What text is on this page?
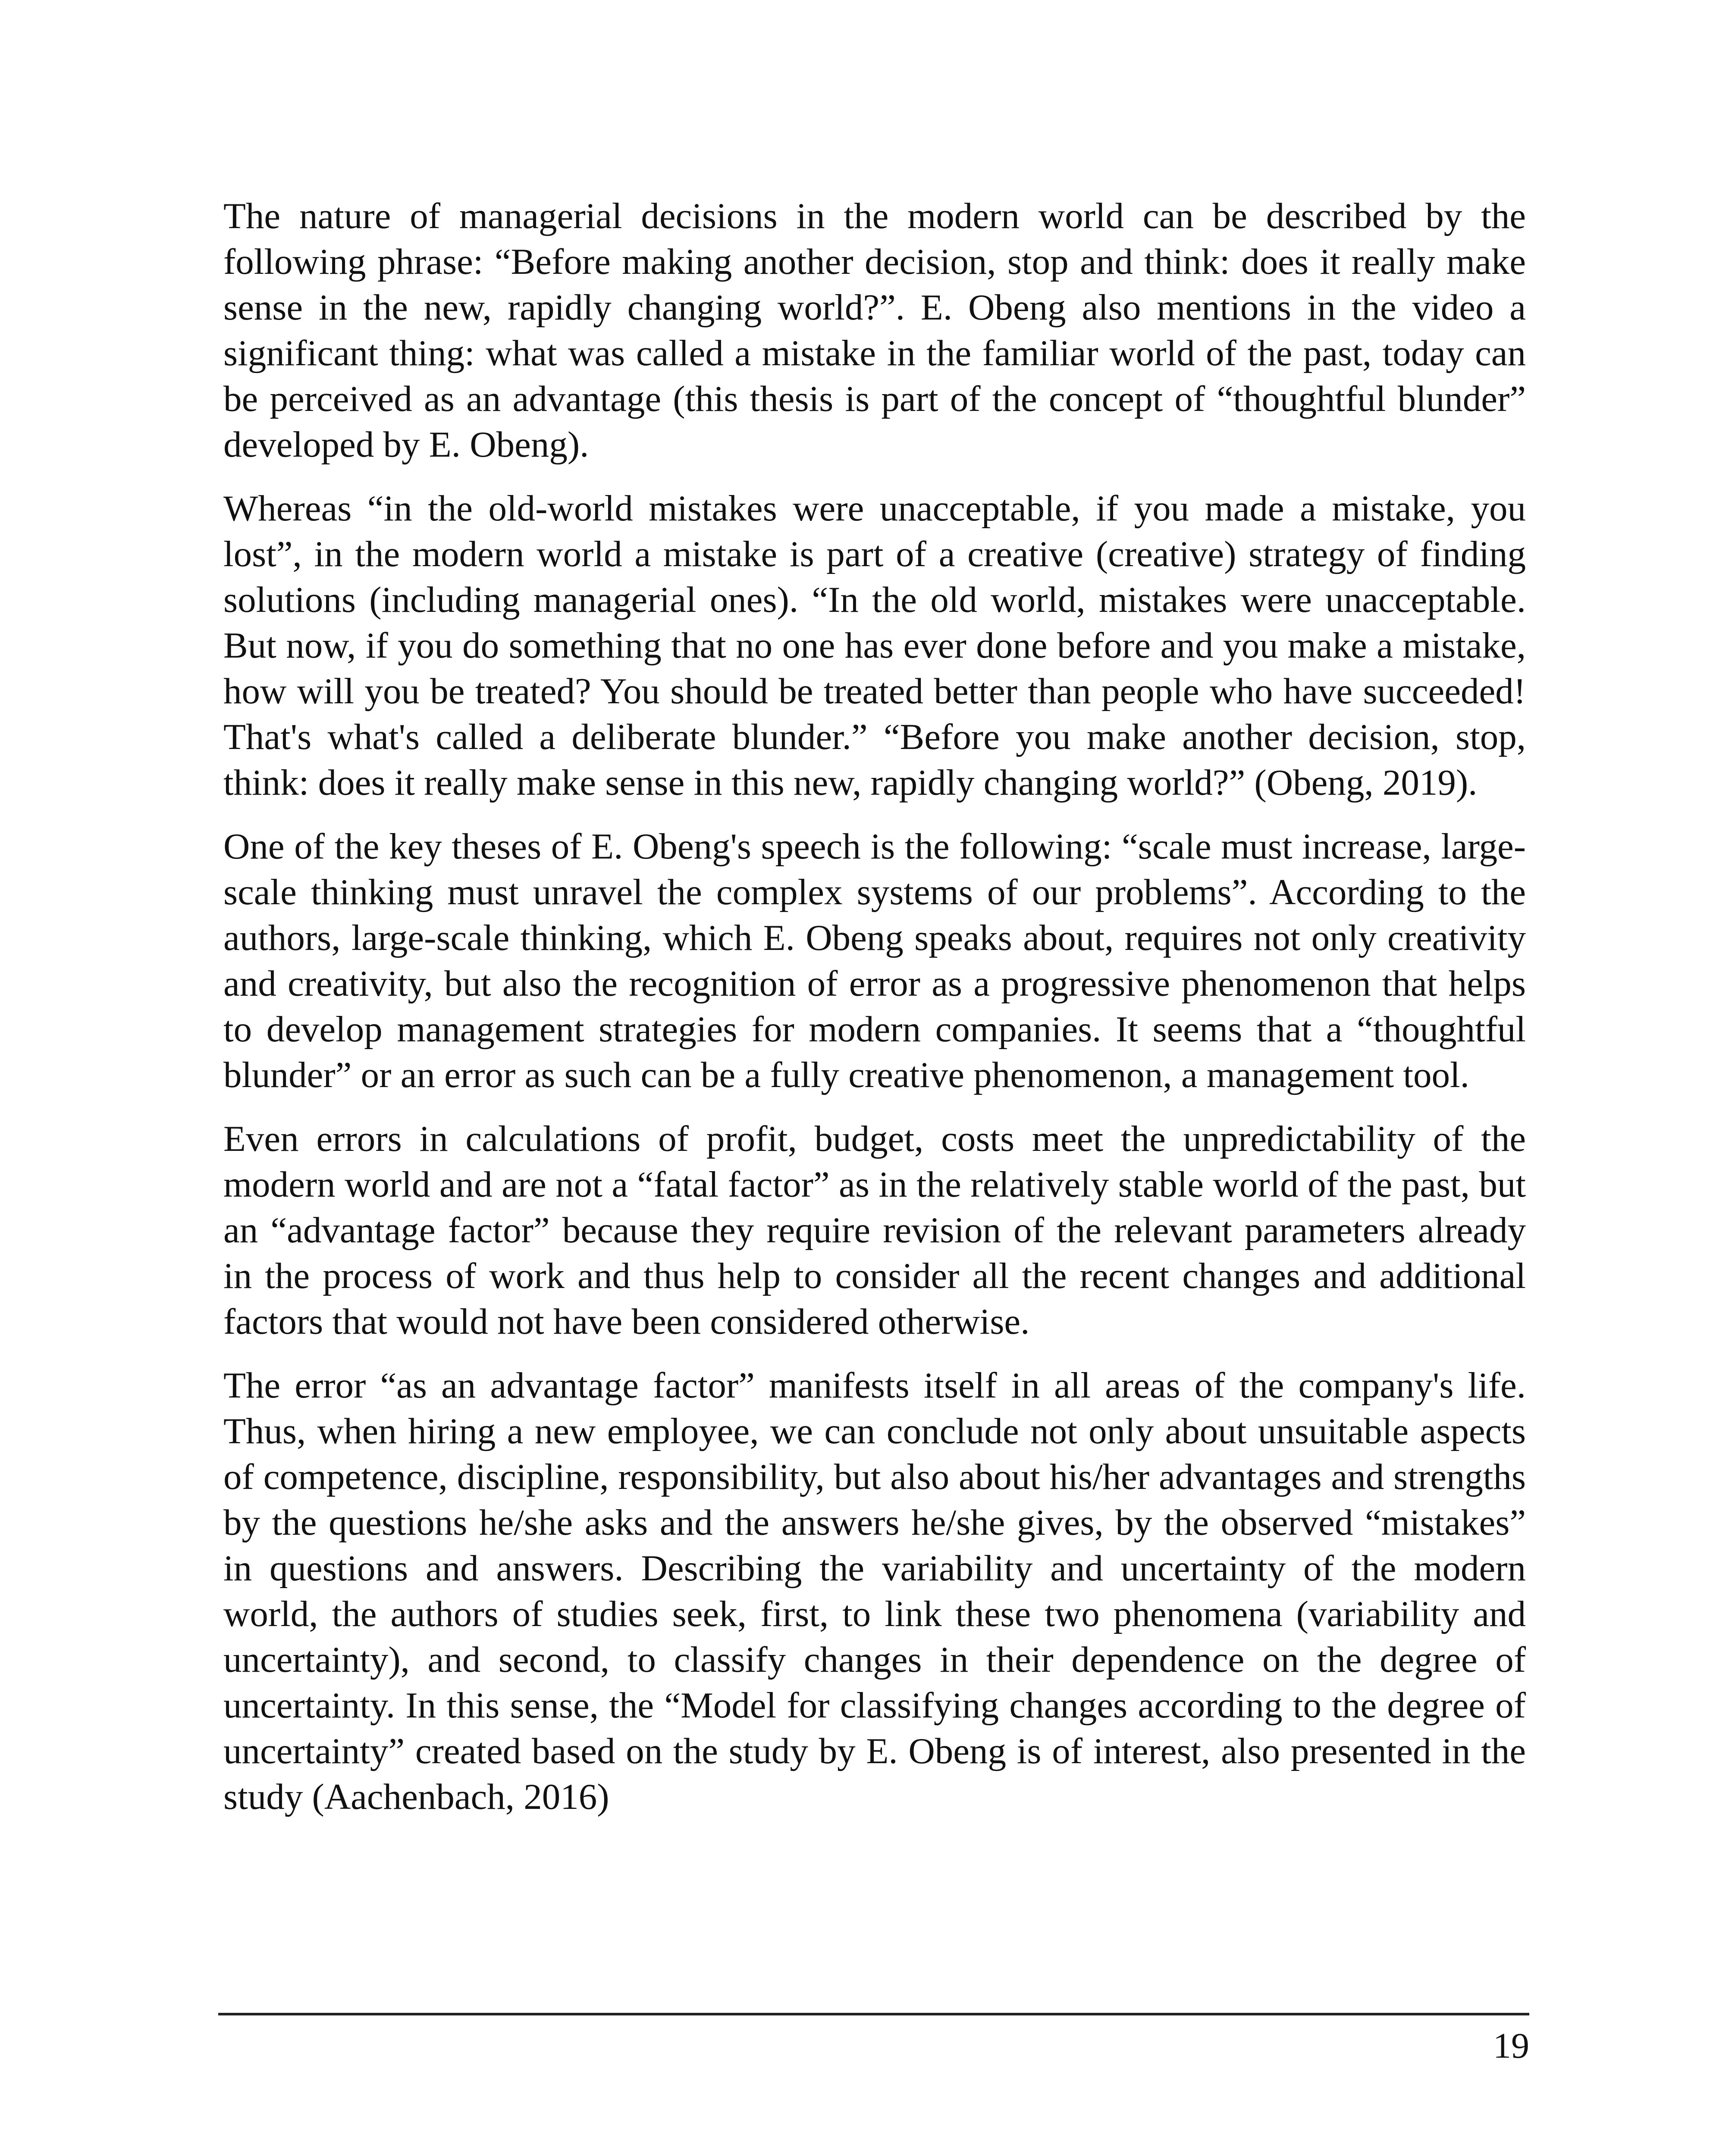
The nature of managerial decisions in the modern world can be described by the following phrase: “Before making another decision, stop and think: does it really make sense in the new, rapidly changing world?”. E. Obeng also mentions in the video a significant thing: what was called a mistake in the familiar world of the past, today can be perceived as an advantage (this thesis is part of the concept of “thoughtful blunder” developed by E. Obeng).

Whereas “in the old-world mistakes were unacceptable, if you made a mistake, you lost”, in the modern world a mistake is part of a creative (creative) strategy of finding solutions (including managerial ones). “In the old world, mistakes were unacceptable. But now, if you do something that no one has ever done before and you make a mistake, how will you be treated? You should be treated better than people who have succeeded! That's what's called a deliberate blunder.” “Before you make another decision, stop, think: does it really make sense in this new, rapidly changing world?” (Obeng, 2019).

One of the key theses of E. Obeng's speech is the following: “scale must increase, large-scale thinking must unravel the complex systems of our problems”. According to the authors, large-scale thinking, which E. Obeng speaks about, requires not only creativity and creativity, but also the recognition of error as a progressive phenomenon that helps to develop management strategies for modern companies. It seems that a “thoughtful blunder” or an error as such can be a fully creative phenomenon, a management tool.

Even errors in calculations of profit, budget, costs meet the unpredictability of the modern world and are not a “fatal factor” as in the relatively stable world of the past, but an “advantage factor” because they require revision of the relevant parameters already in the process of work and thus help to consider all the recent changes and additional factors that would not have been considered otherwise.

The error “as an advantage factor” manifests itself in all areas of the company's life. Thus, when hiring a new employee, we can conclude not only about unsuitable aspects of competence, discipline, responsibility, but also about his/her advantages and strengths by the questions he/she asks and the answers he/she gives, by the observed “mistakes” in questions and answers. Describing the variability and uncertainty of the modern world, the authors of studies seek, first, to link these two phenomena (variability and uncertainty), and second, to classify changes in their dependence on the degree of uncertainty. In this sense, the “Model for classifying changes according to the degree of uncertainty” created based on the study by E. Obeng is of interest, also presented in the study (Aachenbach, 2016)

19
